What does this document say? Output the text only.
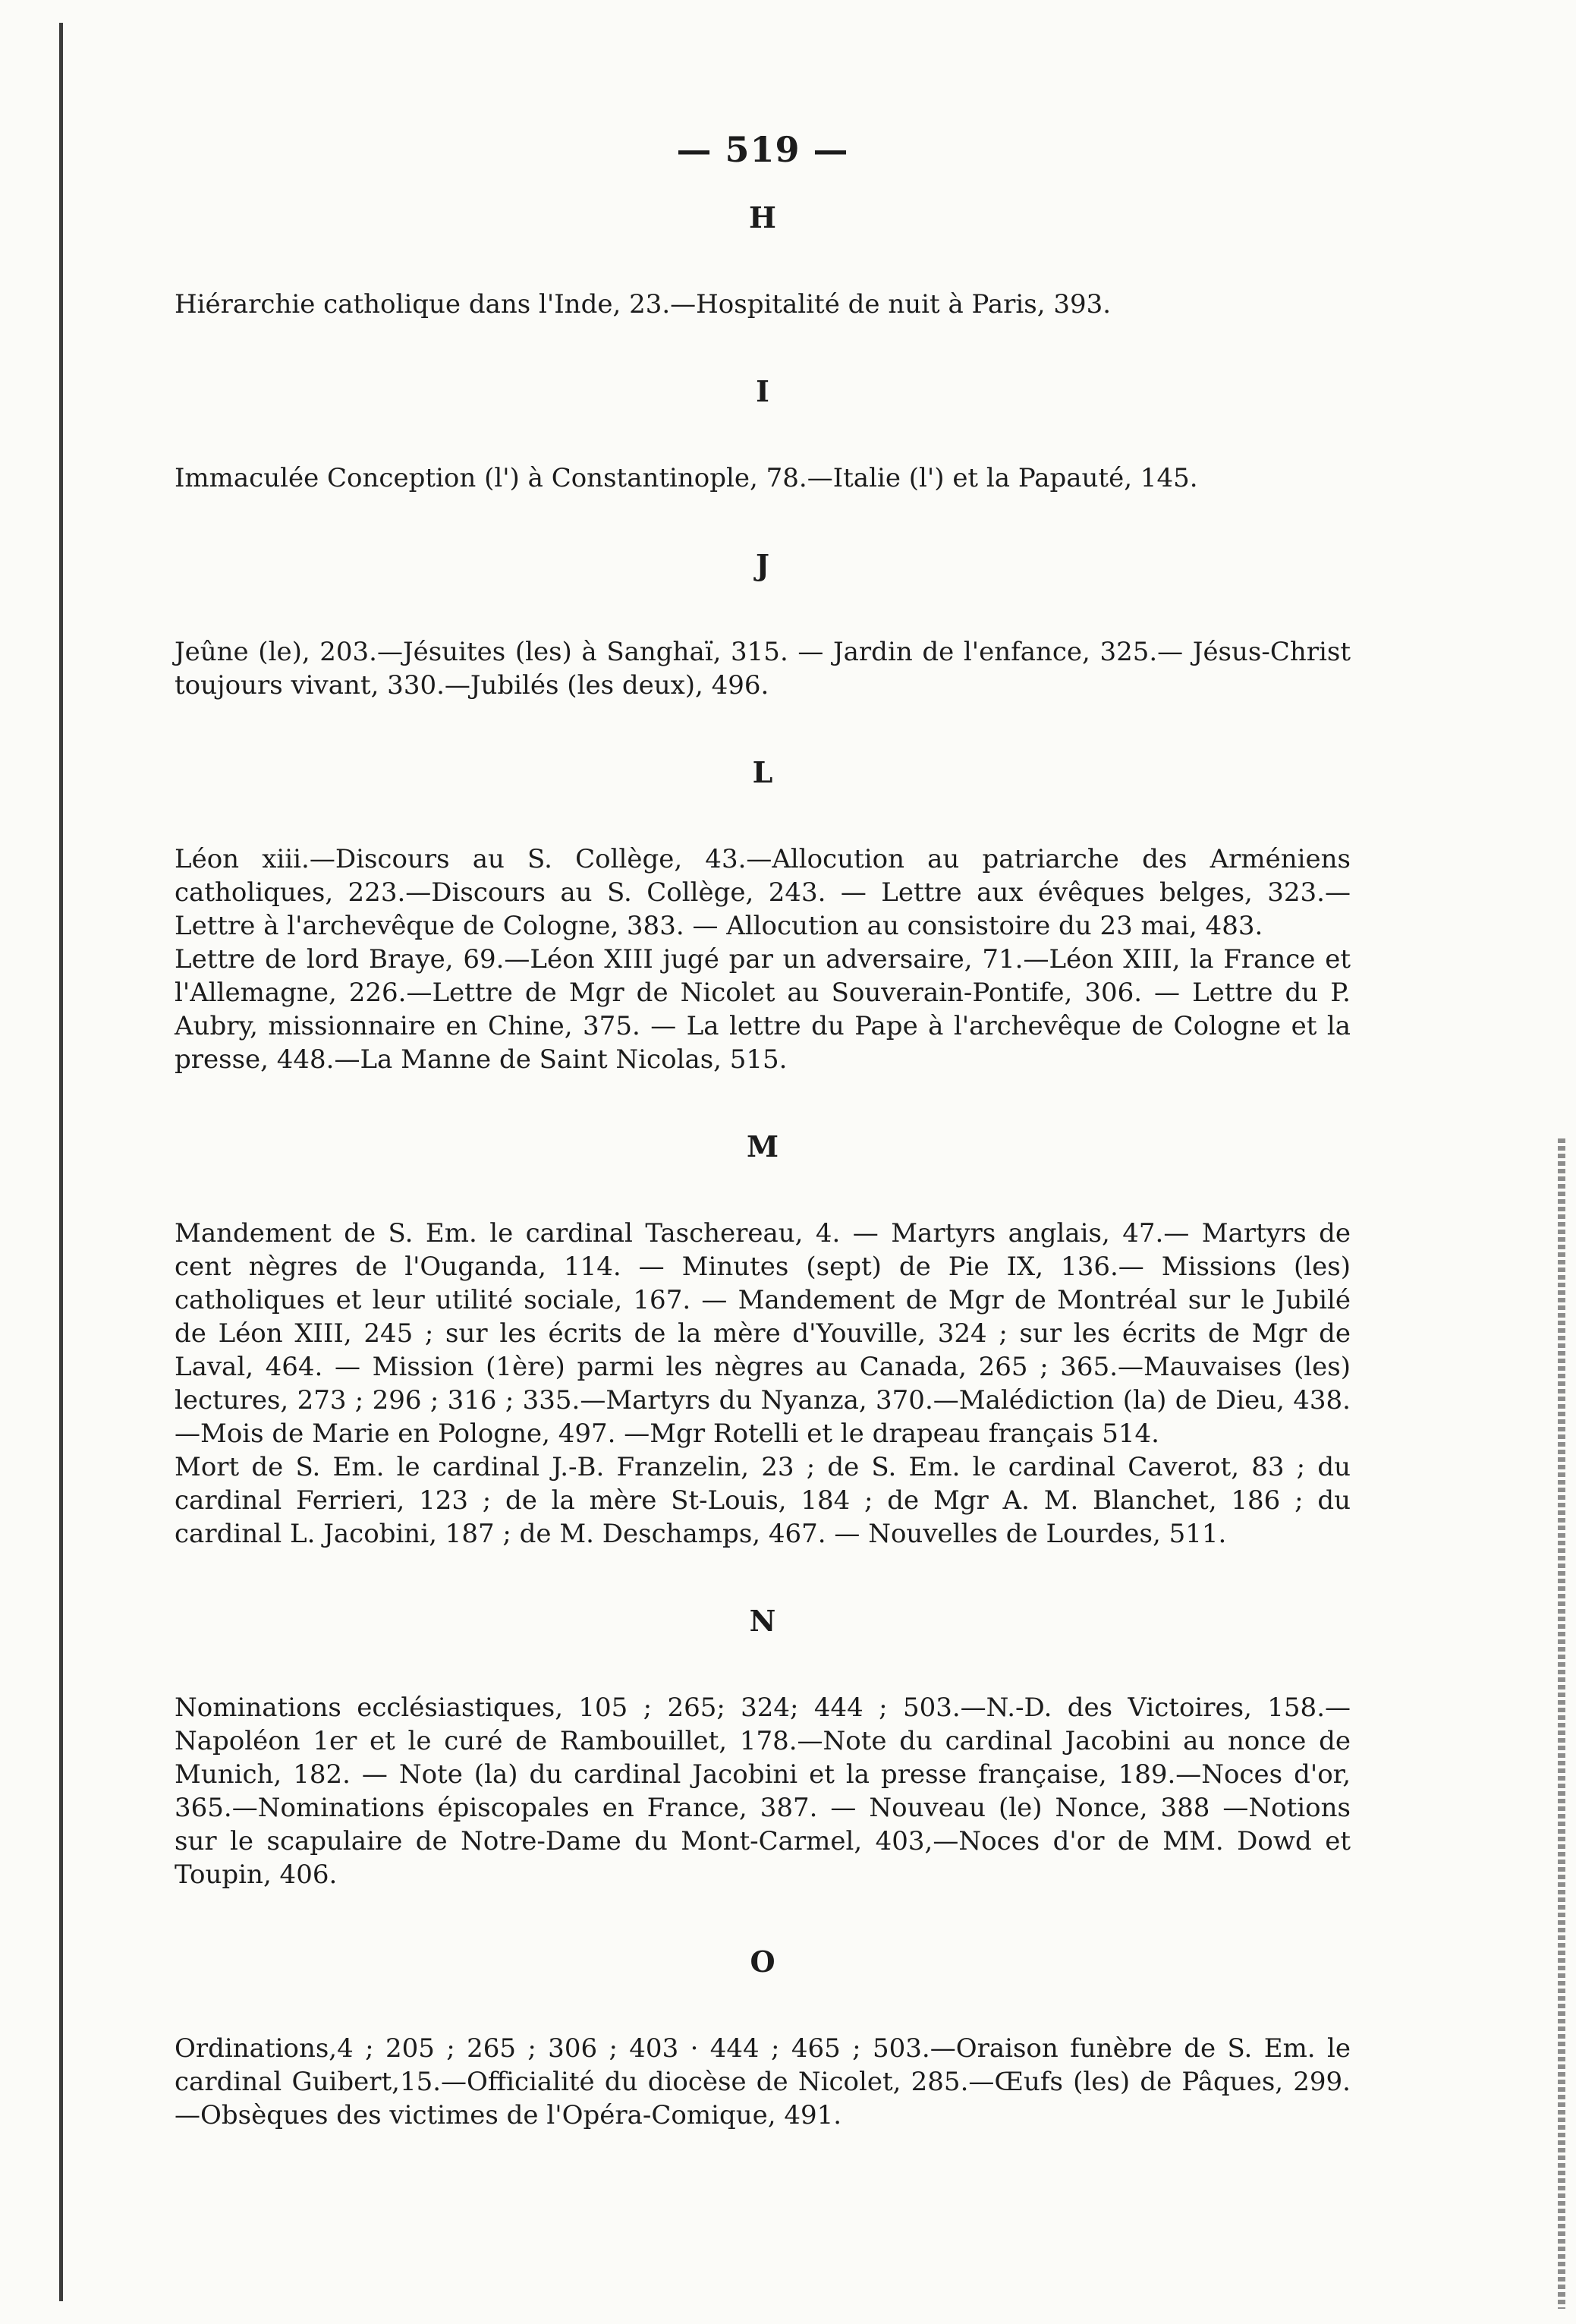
— 519 —
H

Hiérarchie catholique dans l'Inde, 23.—Hospitalité de nuit à Paris, 393.

I

Immaculée Conception (l') à Constantinople, 78.—Italie (l') et la Papauté, 145.

J

Jeûne (le), 203.—Jésuites (les) à Sanghaï, 315. — Jardin de l'enfance, 325.— Jésus-Christ toujours vivant, 330.—Jubilés (les deux), 496.

L

Léon xiii.—Discours au S. Collège, 43.—Allocution au patriarche des Arméniens catholiques, 223.—Discours au S. Collège, 243. — Lettre aux évêques belges, 323.—Lettre à l'archevêque de Cologne, 383. — Allocution au consistoire du 23 mai, 483.

Lettre de lord Braye, 69.—Léon XIII jugé par un adversaire, 71.—Léon XIII, la France et l'Allemagne, 226.—Lettre de Mgr de Nicolet au Souverain-Pontife, 306. — Lettre du P. Aubry, missionnaire en Chine, 375. — La lettre du Pape à l'archevêque de Cologne et la presse, 448.—La Manne de Saint Nicolas, 515.

M

Mandement de S. Em. le cardinal Taschereau, 4. — Martyrs anglais, 47.— Martyrs de cent nègres de l'Ouganda, 114. — Minutes (sept) de Pie IX, 136.— Missions (les) catholiques et leur utilité sociale, 167. — Mandement de Mgr de Montréal sur le Jubilé de Léon XIII, 245 ; sur les écrits de la mère d'Youville, 324 ; sur les écrits de Mgr de Laval, 464. — Mission (1ère) parmi les nègres au Canada, 265 ; 365.—Mauvaises (les) lectures, 273 ; 296 ; 316 ; 335.—Martyrs du Nyanza, 370.—Malédiction (la) de Dieu, 438.—Mois de Marie en Pologne, 497. —Mgr Rotelli et le drapeau français 514.

Mort de S. Em. le cardinal J.-B. Franzelin, 23 ; de S. Em. le cardinal Caverot, 83 ; du cardinal Ferrieri, 123 ; de la mère St-Louis, 184 ; de Mgr A. M. Blanchet, 186 ; du cardinal L. Jacobini, 187 ; de M. Deschamps, 467. — Nouvelles de Lourdes, 511.

N

Nominations ecclésiastiques, 105 ; 265; 324; 444 ; 503.—N.-D. des Victoires, 158.—Napoléon 1er et le curé de Rambouillet, 178.—Note du cardinal Jacobini au nonce de Munich, 182. — Note (la) du cardinal Jacobini et la presse française, 189.—Noces d'or, 365.—Nominations épiscopales en France, 387. — Nouveau (le) Nonce, 388 —Notions sur le scapulaire de Notre-Dame du Mont-Carmel, 403,—Noces d'or de MM. Dowd et Toupin, 406.

O

Ordinations,4 ; 205 ; 265 ; 306 ; 403 · 444 ; 465 ; 503.—Oraison funèbre de S. Em. le cardinal Guibert,15.—Officialité du diocèse de Nicolet, 285.—Œufs (les) de Pâques, 299.—Obsèques des victimes de l'Opéra-Comique, 491.
